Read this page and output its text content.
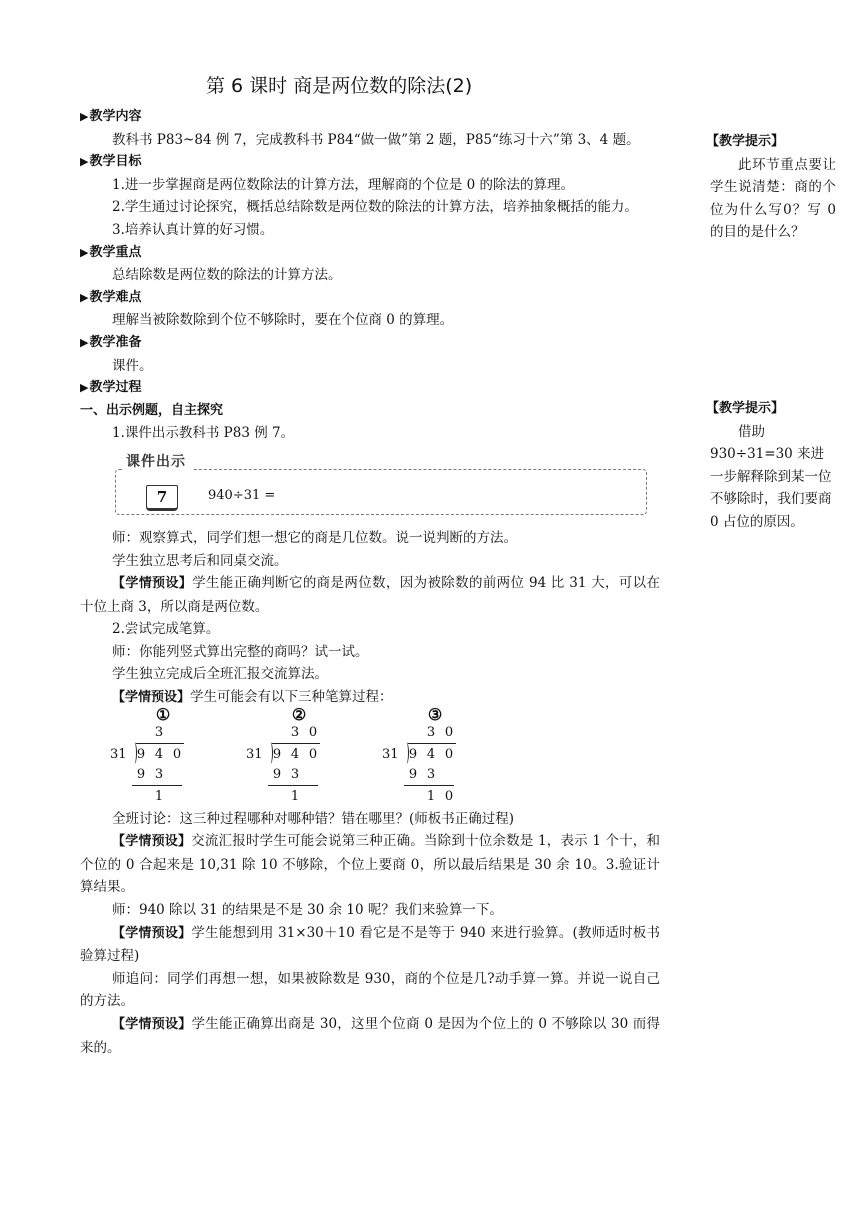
第 6 课时 商是两位数的除法(2)
▶教学内容
教科书 P83~84 例 7，完成教科书 P84“做一做”第 2 题，P85“练习十六”第 3、4 题。
▶教学目标
1.进一步掌握商是两位数除法的计算方法，理解商的个位是 0 的除法的算理。
2.学生通过讨论探究，概括总结除数是两位数的除法的计算方法，培养抽象概括的能力。
3.培养认真计算的好习惯。
▶教学重点
总结除数是两位数的除法的计算方法。
▶教学难点
理解当被除数除到个位不够除时，要在个位商 0 的算理。
▶教学准备
课件。
▶教学过程
一、出示例题，自主探究
1.课件出示教科书 P83 例 7。
课件出示
7	940÷31 =
师：观察算式，同学们想一想它的商是几位数。说一说判断的方法。
学生独立思考后和同桌交流。
【学情预设】学生能正确判断它的商是两位数，因为被除数的前两位 94 比 31 大，可以在十位上商 3，所以商是两位数。
2.尝试完成笔算。
师：你能列竖式算出完整的商吗？试一试。
学生独立完成后全班汇报交流算法。
【学情预设】学生可能会有以下三种笔算过程：
①
3
31 9 4 0
9 3
1
②
3 0
31 9 4 0
9 3
1
③
3 0
31 9 4 0
9 3
1 0
全班讨论：这三种过程哪种对哪种错？错在哪里？(师板书正确过程)
【学情预设】交流汇报时学生可能会说第三种正确。当除到十位余数是 1，表示 1 个十，和个位的 0 合起来是 10,31 除 10 不够除，个位上要商 0，所以最后结果是 30 余 10。3.验证计算结果。
师：940 除以 31 的结果是不是 30 余 10 呢？我们来验算一下。
【学情预设】学生能想到用 31×30＋10 看它是不是等于 940 来进行验算。(教师适时板书验算过程)
师追问：同学们再想一想，如果被除数是 930，商的个位是几?动手算一算。并说一说自己的方法。
【学情预设】学生能正确算出商是 30，这里个位商 0 是因为个位上的 0 不够除以 30 而得来的。
【教学提示】
此环节重点要让学生说清楚：商的个位为什么写0？写 0 的目的是什么？
【教学提示】
借助
930÷31=30 来进一步解释除到某一位不够除时，我们要商 0 占位的原因。
